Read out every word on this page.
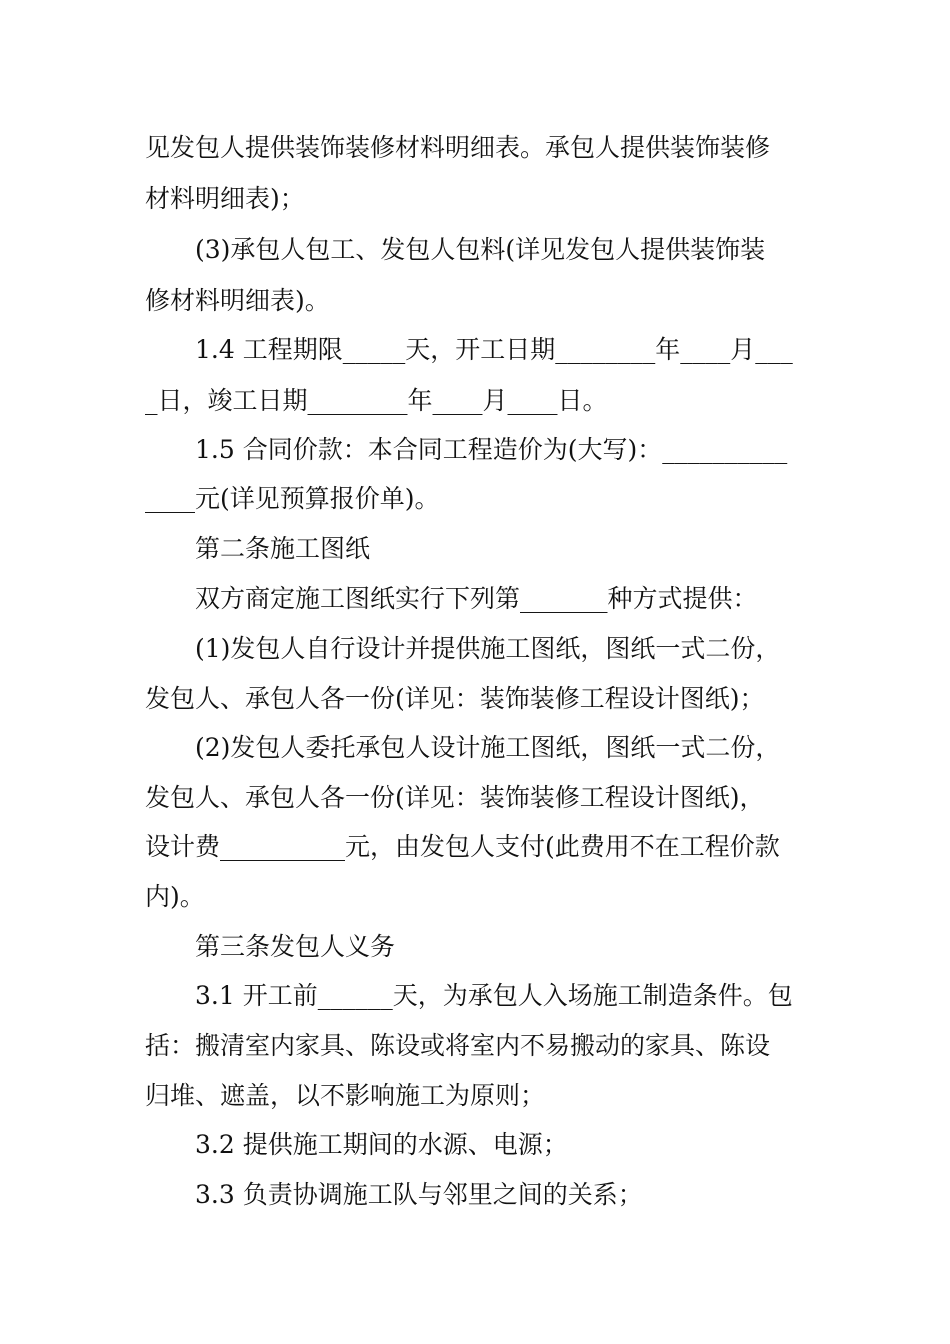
见发包人提供装饰装修材料明细表。承包人提供装饰装修
材料明细表)；
(3)承包人包工、发包人包料(详见发包人提供装饰装
修材料明细表)。
1.4 工程期限_____天，开工日期________年____月___
_日，竣工日期________年____月____日。
1.5 合同价款：本合同工程造价为(大写)：__________
____元(详见预算报价单)。
第二条施工图纸
双方商定施工图纸实行下列第_______种方式提供：
(1)发包人自行设计并提供施工图纸，图纸一式二份，
发包人、承包人各一份(详见：装饰装修工程设计图纸)；
(2)发包人委托承包人设计施工图纸，图纸一式二份，
发包人、承包人各一份(详见：装饰装修工程设计图纸)，
设计费__________元，由发包人支付(此费用不在工程价款
内)。
第三条发包人义务
3.1 开工前______天，为承包人入场施工制造条件。包
括：搬清室内家具、陈设或将室内不易搬动的家具、陈设
归堆、遮盖，以不影响施工为原则；
3.2 提供施工期间的水源、电源；
3.3 负责协调施工队与邻里之间的关系；
